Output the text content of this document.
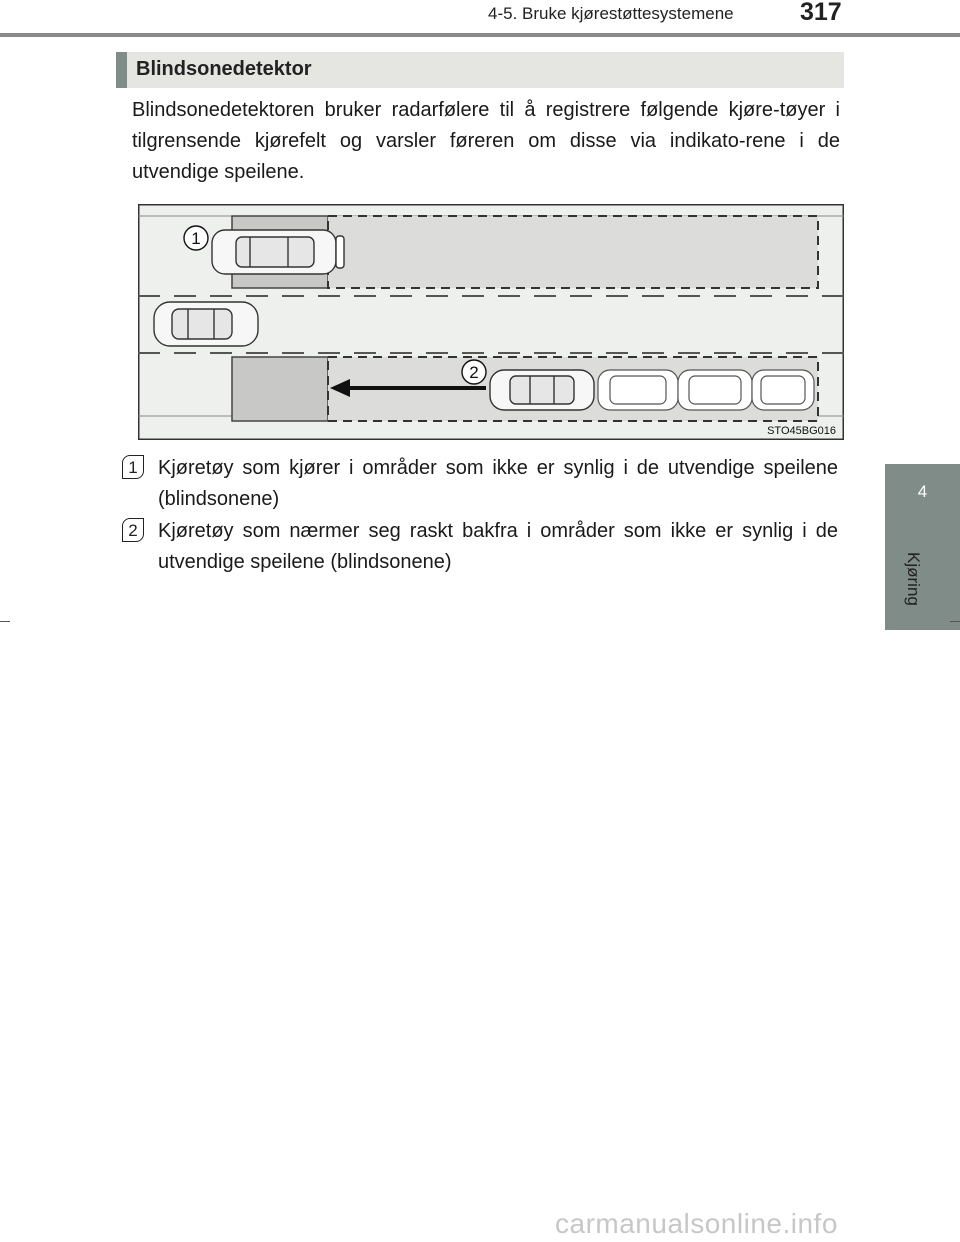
4-5. Bruke kjørestøttesystemene	317
4
Kjøring
Blindsonedetektor

Blindsonedetektoren bruker radarfølere til å registrere følgende kjøre-tøyer i tilgrensende kjørefelt og varsler føreren om disse via indikato-rene i de utvendige speilene.

1
2
STO45BG016
1	Kjøretøy som kjører i områder som ikke er synlig i de utvendige speilene (blindsonene)

2	Kjøretøy som nærmer seg raskt bakfra i områder som ikke er synlig i de utvendige speilene (blindsonene)

carmanualsonline.info
